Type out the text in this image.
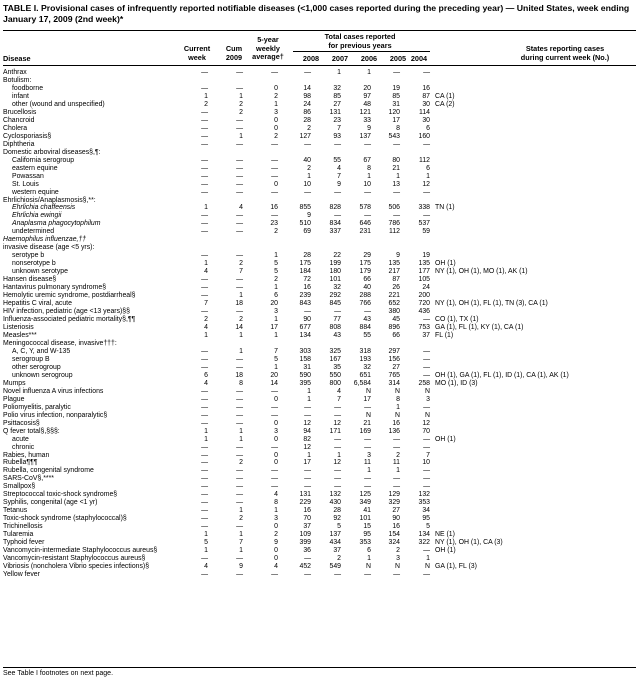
TABLE I. Provisional cases of infrequently reported notifiable diseases (<1,000 cases reported during the preceding year) — United States, week ending January 17, 2009 (2nd week)*
Disease
Current
week
Cum
2009
5-year
weekly
average†
Total cases reported
for previous years
2008	2007	2006	2005 2004
States reporting cases
during current week (No.)
Anthrax	—	—	—	—	1	1	—	—
Botulism:
foodborne	—	—	0	14	32	20	19	16
infant	1	1	2	98	85	97	85	87 CA (1)
other (wound and unspecified)	2	2	1	24	27	48	31	30 CA (2)
Brucellosis	—	2	3	86	131	121	120	114
Chancroid	—	—	0	28	23	33	17	30
Cholera	—	—	0	2	7	9	8	6
Cyclosporiasis§	—	1	2	127	93	137	543	160
Diphtheria	—	—	—	—	—	—	—	—
Domestic arboviral diseases§,¶:
California serogroup	—	—	—	40	55	67	80	112
eastern equine	—	—	—	2	4	8	21	6
Powassan	—	—	—	1	7	1	1	1
St. Louis	—	—	0	10	9	10	13	12
western equine	—	—	—	—	—	—	—	—
Ehrlichiosis/Anaplasmosis§,**:
Ehrlichia chaffeensis	1	4	16	855	828	578	506	338 TN (1)
Ehrlichia ewingii	—	—	—	9	—	—	—	—
Anaplasma phagocytophilum	—	—	23	510	834	646	786	537
undetermined	—	—	2	69	337	231	112	59
Haemophilus influenzae,††
invasive disease (age <5 yrs):
serotype b	—	—	1	28	22	29	9	19
nonserotype b	1	2	5	175	199	175	135	135 OH (1)
unknown serotype	4	7	5	184	180	179	217	177 NY (1), OH (1), MO (1), AK (1)
Hansen disease§	—	—	2	72	101	66	87	105
Hantavirus pulmonary syndrome§	—	—	1	16	32	40	26	24
Hemolytic uremic syndrome, postdiarrheal§	—	1	6	239	292	288	221	200
Hepatitis C viral, acute	7	18	20	843	845	766	652	720 NY (1), OH (1), FL (1), TN (3), CA (1)
HIV infection, pediatric (age <13 years)§§	—	—	3	—	—	—	380	436
Influenza-associated pediatric mortality§,¶¶	2	2	1	90	77	43	45	— CO (1), TX (1)
Listeriosis	4	14	17	677	808	884	896	753 GA (1), FL (1), KY (1), CA (1)
Measles***	1	1	1	134	43	55	66	37 FL (1)
Meningococcal disease, invasive†††:
A, C, Y, and W-135	—	1	7	303	325	318	297	—
serogroup B	—	—	5	158	167	193	156	—
other serogroup	—	—	1	31	35	32	27	—
unknown serogroup	6	18	20	590	550	651	765	— OH (1), GA (1), FL (1), ID (1), CA (1), AK (1)
Mumps	4	8	14	395	800	6,584	314	258 MO (1), ID (3)
Novel influenza A virus infections	—	—	—	1	4	N	N	N
Plague	—	—	0	1	7	17	8	3
Poliomyelitis, paralytic	—	—	—	—	—	—	1	—
Polio virus infection, nonparalytic§	—	—	—	—	—	N	N	N
Psittacosis§	—	—	0	12	12	21	16	12
Q fever total§,§§§:	1	1	3	94	171	169	136	70
acute	1	1	0	82	—	—	—	— OH (1)
chronic	—	—	—	12	—	—	—	—
Rabies, human	—	—	0	1	1	3	2	7
Rubella¶¶¶	—	2	0	17	12	11	11	10
Rubella, congenital syndrome	—	—	—	—	—	1	1	—
SARS-CoV§,****	—	—	—	—	—	—	—	—
Smallpox§	—	—	—	—	—	—	—	—
Streptococcal toxic-shock syndrome§	—	—	4	131	132	125	129	132
Syphilis, congenital (age <1 yr)	—	—	8	229	430	349	329	353
Tetanus	—	1	1	16	28	41	27	34
Toxic-shock syndrome (staphylococcal)§	—	2	3	70	92	101	90	95
Trichinellosis	—	—	0	37	5	15	16	5
Tularemia	1	1	2	109	137	95	154	134 NE (1)
Typhoid fever	5	7	9	399	434	353	324	322 NY (1), OH (1), CA (3)
Vancomycin-intermediate Staphylococcus aureus§	1	1	0	36	37	6	2	— OH (1)
Vancomycin-resistant Staphylococcus aureus§	—	—	0	—	2	1	3	1
Vibriosis (noncholera Vibrio species infections)§	4	9	4	452	549	N	N	N GA (1), FL (3)
Yellow fever	—	—	—	—	—	—	—	—
See Table I footnotes on next page.
